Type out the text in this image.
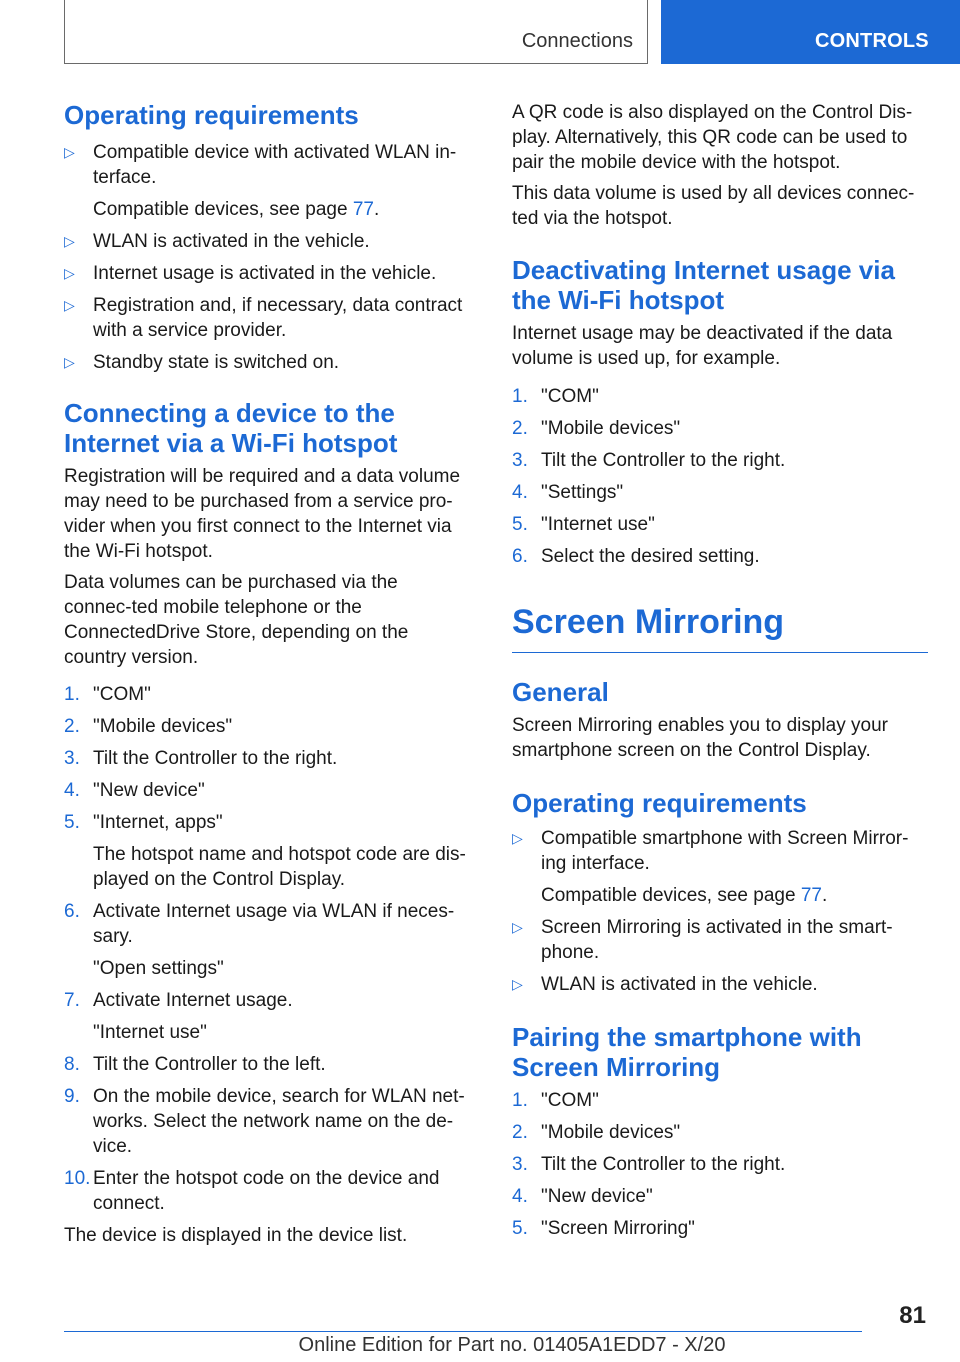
Connections	CONTROLS
Operating requirements
▷ Compatible device with activated WLAN in-terface.
Compatible devices, see page 77.
▷ WLAN is activated in the vehicle.
▷ Internet usage is activated in the vehicle.
▷ Registration and, if necessary, data contract with a service provider.
▷ Standby state is switched on.
Connecting a device to the Internet via a Wi-Fi hotspot

Registration will be required and a data volume may need to be purchased from a service pro-vider when you first connect to the Internet via the Wi-Fi hotspot.

Data volumes can be purchased via the connec-ted mobile telephone or the ConnectedDrive Store, depending on the country version.

1. "COM"
2. "Mobile devices"
3. Tilt the Controller to the right.
4. "New device"
5. "Internet, apps"
The hotspot name and hotspot code are dis-played on the Control Display.
6. Activate Internet usage via WLAN if neces-sary.
"Open settings"
7. Activate Internet usage.
"Internet use"
8. Tilt the Controller to the left.
9. On the mobile device, search for WLAN net-works. Select the network name on the de-vice.
10. Enter the hotspot code on the device and connect.

The device is displayed in the device list.

A QR code is also displayed on the Control Dis-play. Alternatively, this QR code can be used to pair the mobile device with the hotspot.

This data volume is used by all devices connec-ted via the hotspot.

Deactivating Internet usage via the Wi-Fi hotspot

Internet usage may be deactivated if the data volume is used up, for example.

1. "COM"
2. "Mobile devices"
3. Tilt the Controller to the right.
4. "Settings"
5. "Internet use"
6. Select the desired setting.
Screen Mirroring
General

Screen Mirroring enables you to display your smartphone screen on the Control Display.

Operating requirements
▷ Compatible smartphone with Screen Mirror-ing interface.
Compatible devices, see page 77.
▷ Screen Mirroring is activated in the smart-phone.
▷ WLAN is activated in the vehicle.
Pairing the smartphone with Screen Mirroring
1. "COM"
2. "Mobile devices"
3. Tilt the Controller to the right.
4. "New device"
5. "Screen Mirroring"
81
Online Edition for Part no. 01405A1EDD7 - X/20
